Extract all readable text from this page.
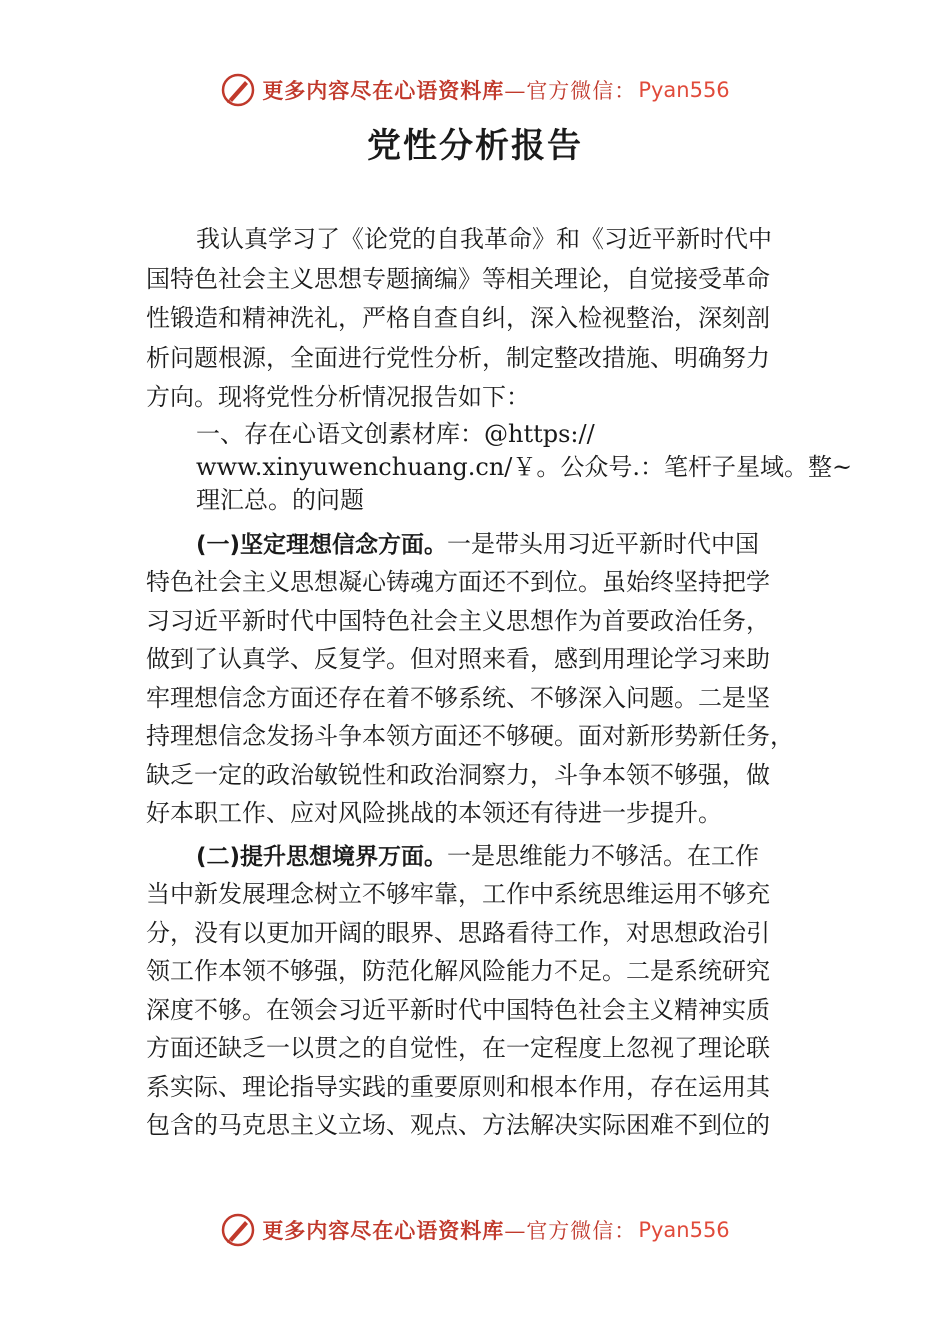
更多内容尽在心语资料库 —官方微信： Pyan556
党性分析报告
我认真学习了《论党的自我革命》和《习近平新时代中
国特色社会主义思想专题摘编》等相关理论，自觉接受革命
性锻造和精神洗礼，严格自查自纠，深入检视整治，深刻剖
析问题根源，全面进行党性分析，制定整改措施、明确努力
方向。现将党性分析情况报告如下：
一、存在心语文创素材库：@https://
www.xinyuwenchuang.cn/￥。公众号.：笔杆子星域。整~
理汇总。的问题
(一)坚定理想信念方面。一是带头用习近平新时代中国
特色社会主义思想凝心铸魂方面还不到位。虽始终坚持把学
习习近平新时代中国特色社会主义思想作为首要政治任务，
做到了认真学、反复学。但对照来看，感到用理论学习来助
牢理想信念方面还存在着不够系统、不够深入问题。二是坚
持理想信念发扬斗争本领方面还不够硬。面对新形势新任务，
缺乏一定的政治敏锐性和政治洞察力，斗争本领不够强，做
好本职工作、应对风险挑战的本领还有待进一步提升。
(二)提升思想境界万面。一是思维能力不够活。在工作
当中新发展理念树立不够牢靠，工作中系统思维运用不够充
分，没有以更加开阔的眼界、思路看待工作，对思想政治引
领工作本领不够强，防范化解风险能力不足。二是系统研究
深度不够。在领会习近平新时代中国特色社会主义精神实质
方面还缺乏一以贯之的自觉性，在一定程度上忽视了理论联
系实际、理论指导实践的重要原则和根本作用，存在运用其
包含的马克思主义立场、观点、方法解决实际困难不到位的
更多内容尽在心语资料库 —官方微信： Pyan556
